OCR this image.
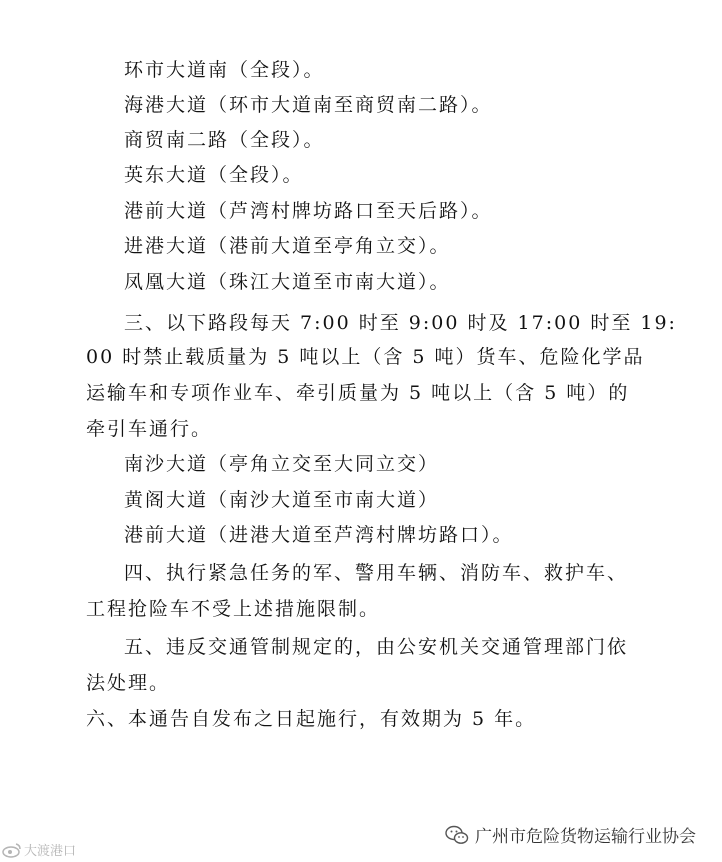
环市大道南（全段）。
海港大道（环市大道南至商贸南二路）。
商贸南二路（全段）。
英东大道（全段）。
港前大道（芦湾村牌坊路口至天后路）。
进港大道（港前大道至亭角立交）。
凤凰大道（珠江大道至市南大道）。
三、以下路段每天 7:00 时至 9:00 时及 17:00 时至 19:
00 时禁止载质量为 5 吨以上（含 5 吨）货车、危险化学品
运输车和专项作业车、牵引质量为 5 吨以上（含 5 吨）的
牵引车通行。
南沙大道（亭角立交至大同立交）
黄阁大道（南沙大道至市南大道）
港前大道（进港大道至芦湾村牌坊路口）。
四、执行紧急任务的军、警用车辆、消防车、救护车、
工程抢险车不受上述措施限制。
五、违反交通管制规定的，由公安机关交通管理部门依
法处理。
六、本通告自发布之日起施行，有效期为 5 年。
大渡港口
广州市危险货物运输行业协会
